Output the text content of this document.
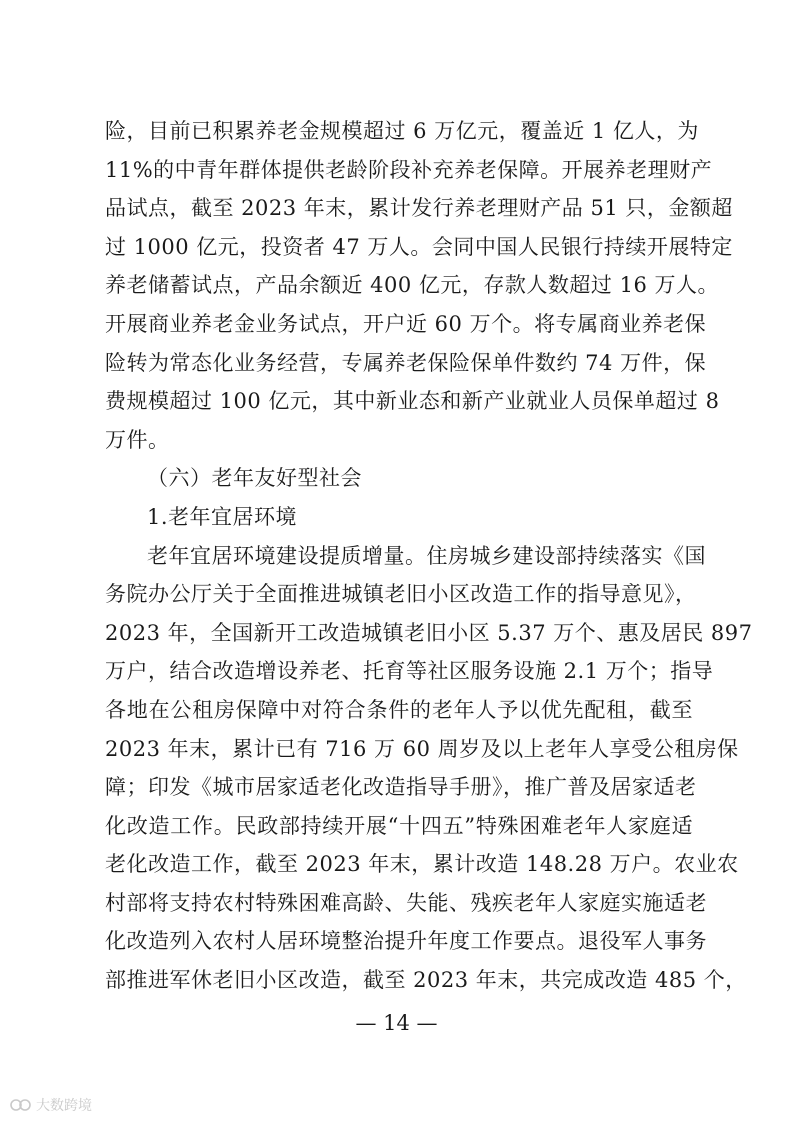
险，目前已积累养老金规模超过 6 万亿元，覆盖近 1 亿人，为
11%的中青年群体提供老龄阶段补充养老保障。开展养老理财产
品试点，截至 2023 年末，累计发行养老理财产品 51 只，金额超
过 1000 亿元，投资者 47 万人。会同中国人民银行持续开展特定
养老储蓄试点，产品余额近 400 亿元，存款人数超过 16 万人。
开展商业养老金业务试点，开户近 60 万个。将专属商业养老保
险转为常态化业务经营，专属养老保险保单件数约 74 万件，保
费规模超过 100 亿元，其中新业态和新产业就业人员保单超过 8
万件。
（六）老年友好型社会
1.老年宜居环境
老年宜居环境建设提质增量。住房城乡建设部持续落实《国
务院办公厅关于全面推进城镇老旧小区改造工作的指导意见》，
2023 年，全国新开工改造城镇老旧小区 5.37 万个、惠及居民 897
万户，结合改造增设养老、托育等社区服务设施 2.1 万个；指导
各地在公租房保障中对符合条件的老年人予以优先配租，截至
2023 年末，累计已有 716 万 60 周岁及以上老年人享受公租房保
障；印发《城市居家适老化改造指导手册》，推广普及居家适老
化改造工作。民政部持续开展“十四五”特殊困难老年人家庭适
老化改造工作，截至 2023 年末，累计改造 148.28 万户。农业农
村部将支持农村特殊困难高龄、失能、残疾老年人家庭实施适老
化改造列入农村人居环境整治提升年度工作要点。退役军人事务
部推进军休老旧小区改造，截至 2023 年末，共完成改造 485 个，
— 14 —
大数跨境
